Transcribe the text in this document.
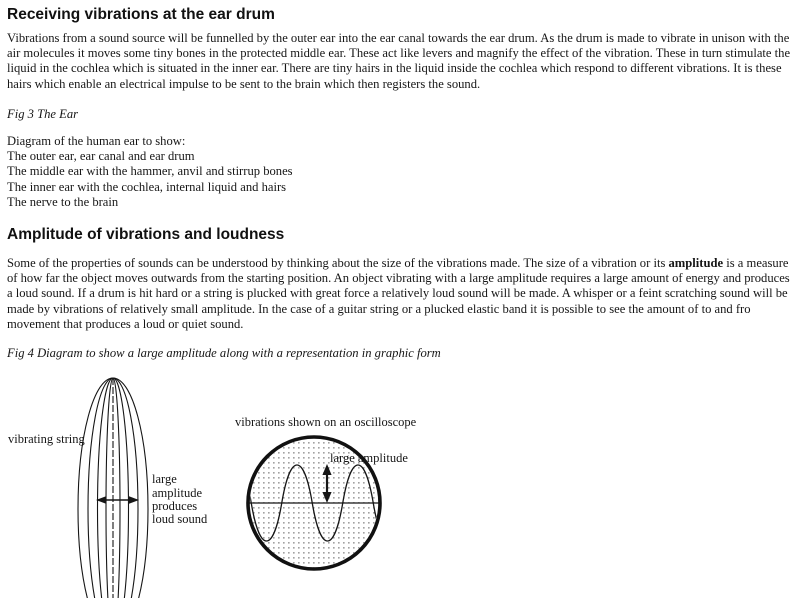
Receiving vibrations at the ear drum

Vibrations from a sound source will be funnelled by the outer ear into the ear canal towards the ear drum. As the drum is made to vibrate in unison with the air molecules it moves some tiny bones in the protected middle ear. These act like levers and magnify the effect of the vibration. These in turn stimulate the liquid in the cochlea which is situated in the inner ear. There are tiny hairs in the liquid inside the cochlea which respond to different vibrations. It is these hairs which enable an electrical impulse to be sent to the brain which then registers the sound.

Fig 3 The Ear

Diagram of the human ear to show:
The outer ear, ear canal and ear drum
The middle ear with the hammer, anvil and stirrup bones
The inner ear with the cochlea, internal liquid and hairs
The nerve to the brain
Amplitude of vibrations and loudness

Some of the properties of sounds can be understood by thinking about the size of the vibrations made. The size of a vibration or its amplitude is a measure of how far the object moves outwards from the starting position. An object vibrating with a large amplitude requires a large amount of energy and produces a loud sound. If a drum is hit hard or a string is plucked with great force a relatively loud sound will be made. A whisper or a feint scratching sound will be made by vibrations of relatively small amplitude. In the case of a guitar string or a plucked elastic band it is possible to see the amount of to and fro movement that produces a loud or quiet sound.

Fig 4 Diagram to show a large amplitude along with a representation in graphic form

vibrating string
large
amplitude
produces
loud sound
vibrations shown on an oscilloscope
large amplitude
